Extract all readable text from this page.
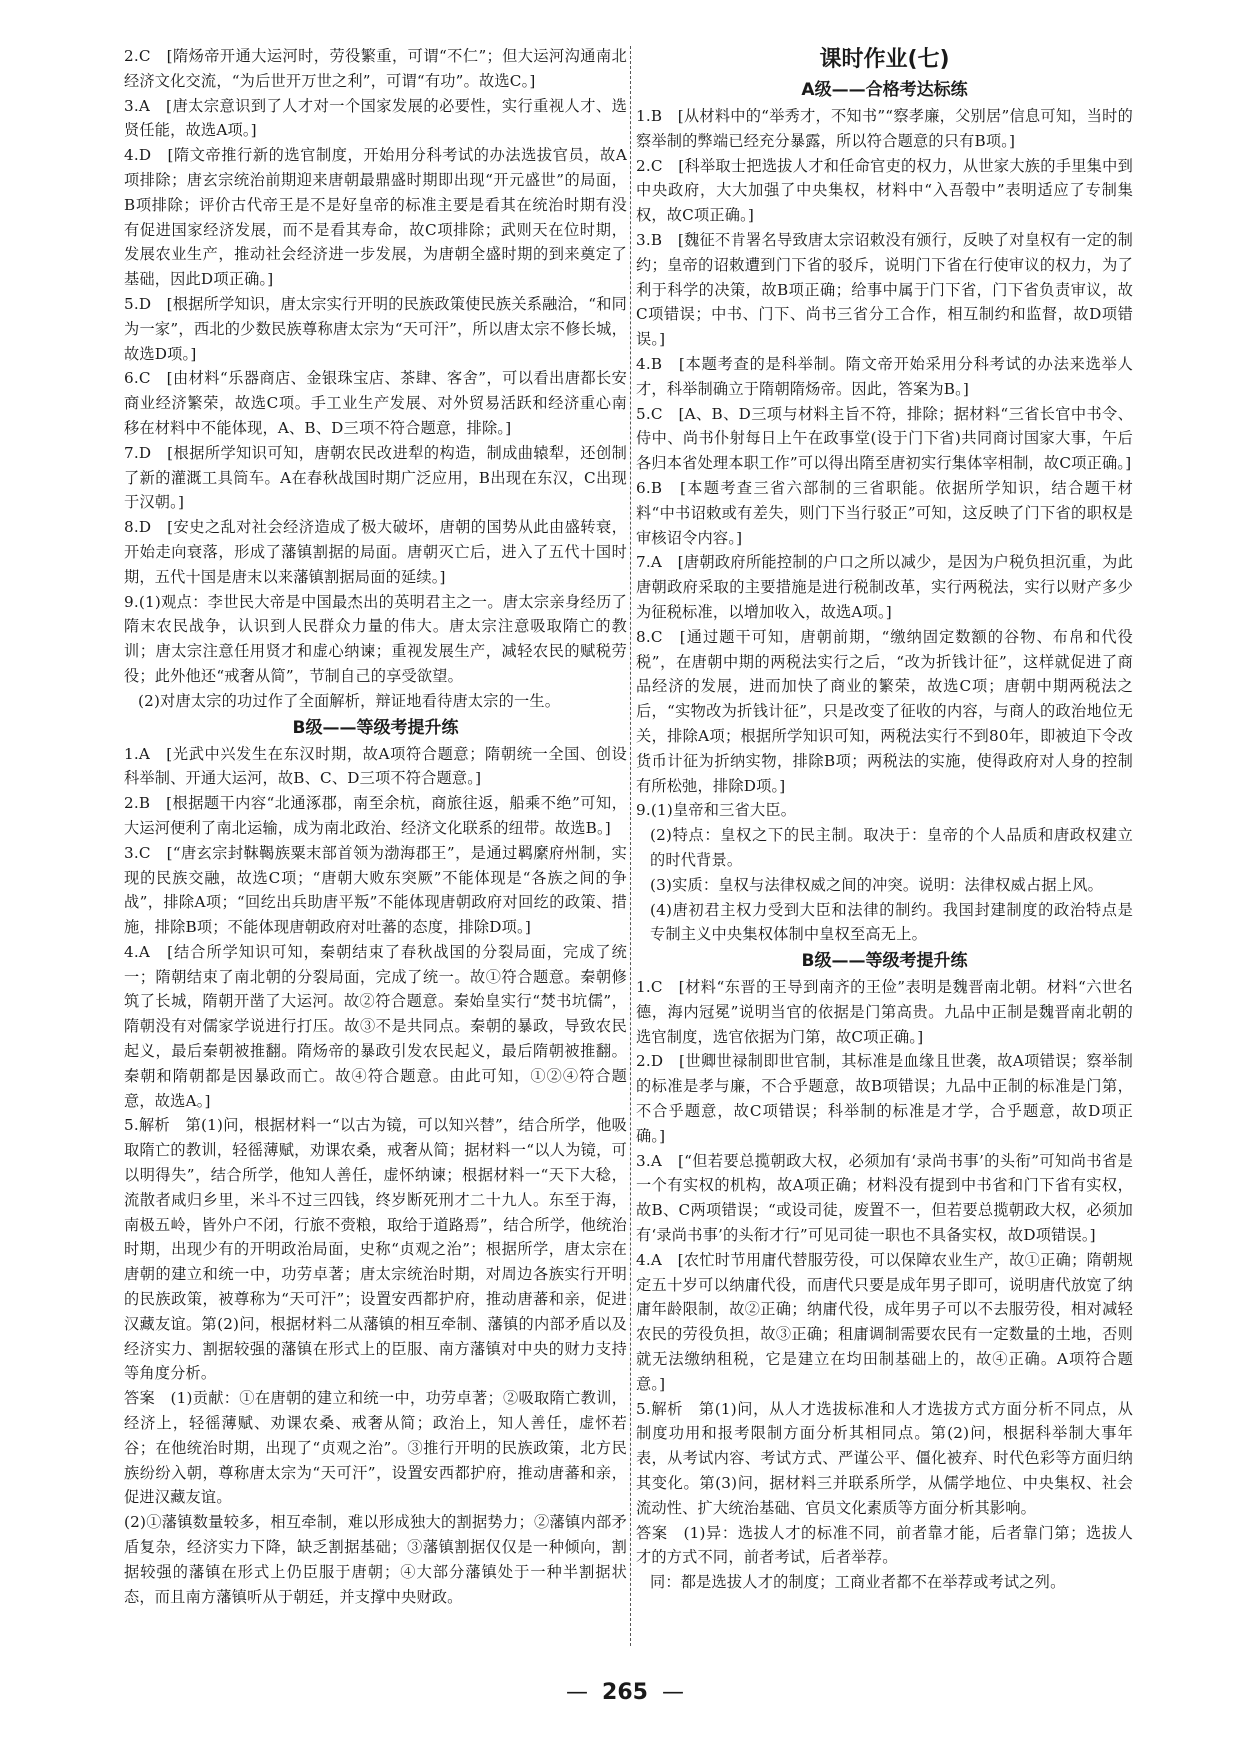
2.C　[隋炀帝开通大运河时，劳役繁重，可谓“不仁”；但大运河沟通南北经济文化交流，“为后世开万世之利”，可谓“有功”。故选C。]
3.A　[唐太宗意识到了人才对一个国家发展的必要性，实行重视人才、选贤任能，故选A项。]
4.D　[隋文帝推行新的选官制度，开始用分科考试的办法选拔官员，故A项排除；唐玄宗统治前期迎来唐朝最鼎盛时期即出现“开元盛世”的局面，B项排除；评价古代帝王是不是好皇帝的标准主要是看其在统治时期有没有促进国家经济发展，而不是看其寿命，故C项排除；武则天在位时期，发展农业生产，推动社会经济进一步发展，为唐朝全盛时期的到来奠定了基础，因此D项正确。]
5.D　[根据所学知识，唐太宗实行开明的民族政策使民族关系融洽，“和同为一家”，西北的少数民族尊称唐太宗为“天可汗”，所以唐太宗不修长城，故选D项。]
6.C　[由材料“乐器商店、金银珠宝店、茶肆、客舍”，可以看出唐都长安商业经济繁荣，故选C项。手工业生产发展、对外贸易活跃和经济重心南移在材料中不能体现，A、B、D三项不符合题意，排除。]
7.D　[根据所学知识可知，唐朝农民改进犁的构造，制成曲辕犁，还创制了新的灌溉工具筒车。A在春秋战国时期广泛应用，B出现在东汉，C出现于汉朝。]
8.D　[安史之乱对社会经济造成了极大破坏，唐朝的国势从此由盛转衰，开始走向衰落，形成了藩镇割据的局面。唐朝灭亡后，进入了五代十国时期，五代十国是唐末以来藩镇割据局面的延续。]
9.(1)观点：李世民大帝是中国最杰出的英明君主之一。唐太宗亲身经历了隋末农民战争，认识到人民群众力量的伟大。唐太宗注意吸取隋亡的教训；唐太宗注意任用贤才和虚心纳谏；重视发展生产，减轻农民的赋税劳役；此外他还“戒奢从简”，节制自己的享受欲望。
(2)对唐太宗的功过作了全面解析，辩证地看待唐太宗的一生。
B级——等级考提升练
1.A　[光武中兴发生在东汉时期，故A项符合题意；隋朝统一全国、创设科举制、开通大运河，故B、C、D三项不符合题意。]
2.B　[根据题干内容“北通涿郡，南至余杭，商旅往返，船乘不绝”可知，大运河便利了南北运输，成为南北政治、经济文化联系的纽带。故选B。]
3.C　[“唐玄宗封靺鞨族粟末部首领为渤海郡王”，是通过羁縻府州制，实现的民族交融，故选C项；“唐朝大败东突厥”不能体现是“各族之间的争战”，排除A项；“回纥出兵助唐平叛”不能体现唐朝政府对回纥的政策、措施，排除B项；不能体现唐朝政府对吐蕃的态度，排除D项。]
4.A　[结合所学知识可知，秦朝结束了春秋战国的分裂局面，完成了统一；隋朝结束了南北朝的分裂局面，完成了统一。故①符合题意。秦朝修筑了长城，隋朝开凿了大运河。故②符合题意。秦始皇实行“焚书坑儒”，隋朝没有对儒家学说进行打压。故③不是共同点。秦朝的暴政，导致农民起义，最后秦朝被推翻。隋炀帝的暴政引发农民起义，最后隋朝被推翻。秦朝和隋朝都是因暴政而亡。故④符合题意。由此可知，①②④符合题意，故选A。]
5.解析　第(1)问，根据材料一“以古为镜，可以知兴替”，结合所学，他吸取隋亡的教训，轻徭薄赋，劝课农桑，戒奢从简；据材料一“以人为镜，可以明得失”，结合所学，他知人善任，虚怀纳谏；根据材料一“天下大稔，流散者咸归乡里，米斗不过三四钱，终岁断死刑才二十九人。东至于海，南极五岭，皆外户不闭，行旅不赍粮，取给于道路焉”，结合所学，他统治时期，出现少有的开明政治局面，史称“贞观之治”；根据所学，唐太宗在唐朝的建立和统一中，功劳卓著；唐太宗统治时期，对周边各族实行开明的民族政策，被尊称为“天可汗”；设置安西都护府，推动唐蕃和亲，促进汉藏友谊。第(2)问，根据材料二从藩镇的相互牵制、藩镇的内部矛盾以及经济实力、割据较强的藩镇在形式上的臣服、南方藩镇对中央的财力支持等角度分析。
答案　(1)贡献：①在唐朝的建立和统一中，功劳卓著；②吸取隋亡教训，经济上，轻徭薄赋、劝课农桑、戒奢从简；政治上，知人善任，虚怀若谷；在他统治时期，出现了“贞观之治”。③推行开明的民族政策，北方民族纷纷入朝，尊称唐太宗为“天可汗”，设置安西都护府，推动唐蕃和亲，促进汉藏友谊。
(2)①藩镇数量较多，相互牵制，难以形成独大的割据势力；②藩镇内部矛盾复杂，经济实力下降，缺乏割据基础；③藩镇割据仅仅是一种倾向，割据较强的藩镇在形式上仍臣服于唐朝；④大部分藩镇处于一种半割据状态，而且南方藩镇听从于朝廷，并支撑中央财政。
课时作业(七)
A级——合格考达标练
1.B　[从材料中的“举秀才，不知书”“察孝廉，父别居”信息可知，当时的察举制的弊端已经充分暴露，所以符合题意的只有B项。]
2.C　[科举取士把选拔人才和任命官吏的权力，从世家大族的手里集中到中央政府，大大加强了中央集权，材料中“入吾彀中”表明适应了专制集权，故C项正确。]
3.B　[魏征不肯署名导致唐太宗诏敕没有颁行，反映了对皇权有一定的制约；皇帝的诏敕遭到门下省的驳斥，说明门下省在行使审议的权力，为了利于科学的决策，故B项正确；给事中属于门下省，门下省负责审议，故C项错误；中书、门下、尚书三省分工合作，相互制约和监督，故D项错误。]
4.B　[本题考查的是科举制。隋文帝开始采用分科考试的办法来选举人才，科举制确立于隋朝隋炀帝。因此，答案为B。]
5.C　[A、B、D三项与材料主旨不符，排除；据材料“三省长官中书令、侍中、尚书仆射每日上午在政事堂(设于门下省)共同商讨国家大事，午后各归本省处理本职工作”可以得出隋至唐初实行集体宰相制，故C项正确。]
6.B　[本题考查三省六部制的三省职能。依据所学知识，结合题干材料“中书诏敕或有差失，则门下当行驳正”可知，这反映了门下省的职权是审核诏令内容。]
7.A　[唐朝政府所能控制的户口之所以减少，是因为户税负担沉重，为此唐朝政府采取的主要措施是进行税制改革，实行两税法，实行以财产多少为征税标准，以增加收入，故选A项。]
8.C　[通过题干可知，唐朝前期，“缴纳固定数额的谷物、布帛和代役税”，在唐朝中期的两税法实行之后，“改为折钱计征”，这样就促进了商品经济的发展，进而加快了商业的繁荣，故选C项；唐朝中期两税法之后，“实物改为折钱计征”，只是改变了征收的内容，与商人的政治地位无关，排除A项；根据所学知识可知，两税法实行不到80年，即被迫下令改货币计征为折纳实物，排除B项；两税法的实施，使得政府对人身的控制有所松弛，排除D项。]
9.(1)皇帝和三省大臣。
(2)特点：皇权之下的民主制。取决于：皇帝的个人品质和唐政权建立的时代背景。
(3)实质：皇权与法律权威之间的冲突。说明：法律权威占据上风。
(4)唐初君主权力受到大臣和法律的制约。我国封建制度的政治特点是专制主义中央集权体制中皇权至高无上。
B级——等级考提升练
1.C　[材料“东晋的王导到南齐的王俭”表明是魏晋南北朝。材料“六世名德，海内冠冕”说明当官的依据是门第高贵。九品中正制是魏晋南北朝的选官制度，选官依据为门第，故C项正确。]
2.D　[世卿世禄制即世官制，其标准是血缘且世袭，故A项错误；察举制的标准是孝与廉，不合乎题意，故B项错误；九品中正制的标准是门第，不合乎题意，故C项错误；科举制的标准是才学，合乎题意，故D项正确。]
3.A　[“但若要总揽朝政大权，必须加有‘录尚书事’的头衔”可知尚书省是一个有实权的机构，故A项正确；材料没有提到中书省和门下省有实权，故B、C两项错误；“或设司徒，废置不一，但若要总揽朝政大权，必须加有‘录尚书事’的头衔才行”可见司徒一职也不具备实权，故D项错误。]
4.A　[农忙时节用庸代替服劳役，可以保障农业生产，故①正确；隋朝规定五十岁可以纳庸代役，而唐代只要是成年男子即可，说明唐代放宽了纳庸年龄限制，故②正确；纳庸代役，成年男子可以不去服劳役，相对减轻农民的劳役负担，故③正确；租庸调制需要农民有一定数量的土地，否则就无法缴纳租税，它是建立在均田制基础上的，故④正确。A项符合题意。]
5.解析　第(1)问，从人才选拔标准和人才选拔方式方面分析不同点，从制度功用和报考限制方面分析其相同点。第(2)问，根据科举制大事年表，从考试内容、考试方式、严谨公平、僵化被弃、时代色彩等方面归纳其变化。第(3)问，据材料三并联系所学，从儒学地位、中央集权、社会流动性、扩大统治基础、官员文化素质等方面分析其影响。
答案　(1)异：选拔人才的标准不同，前者靠才能，后者靠门第；选拔人才的方式不同，前者考试，后者举荐。
同：都是选拔人才的制度；工商业者都不在举荐或考试之列。
— 265 —
